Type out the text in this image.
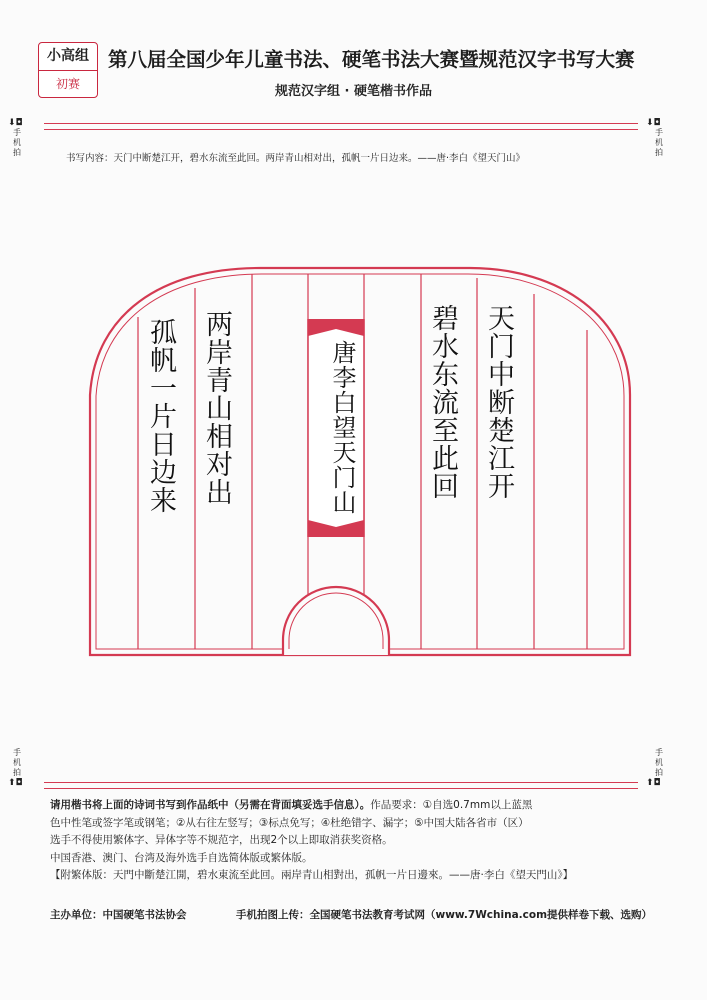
小高组
初赛
第八届全国少年儿童书法、硬笔书法大赛暨规范汉字书写大赛
规范汉字组 · 硬笔楷书作品
⬇◘
手机拍
⬇◘
手机拍
书写内容：天门中断楚江开，碧水东流至此回。两岸青山相对出，孤帆一片日边来。——唐·李白《望天门山》
天门中断楚江开
碧水东流至此回
唐李白望天门山
两岸青山相对出
孤帆一片日边来
手机拍
⬆◘
手机拍
⬆◘

请用楷书将上面的诗词书写到作品纸中（另需在背面填妥选手信息）。作品要求：①自选0.7mm以上蓝黑

色中性笔或签字笔或钢笔；②从右往左竖写；③标点免写；④杜绝错字、漏字；⑤中国大陆各省市（区）

选手不得使用繁体字、异体字等不规范字，出现2个以上即取消获奖资格。

中国香港、澳门、台湾及海外选手自选简体版或繁体版。

【附繁体版：天門中斷楚江開，碧水東流至此回。兩岸青山相對出，孤帆一片日邊來。——唐·李白《望天門山》】

主办单位：中国硬笔书法协会	手机拍图上传：全国硬笔书法教育考试网（www.7Wchina.com提供样卷下载、选购）
